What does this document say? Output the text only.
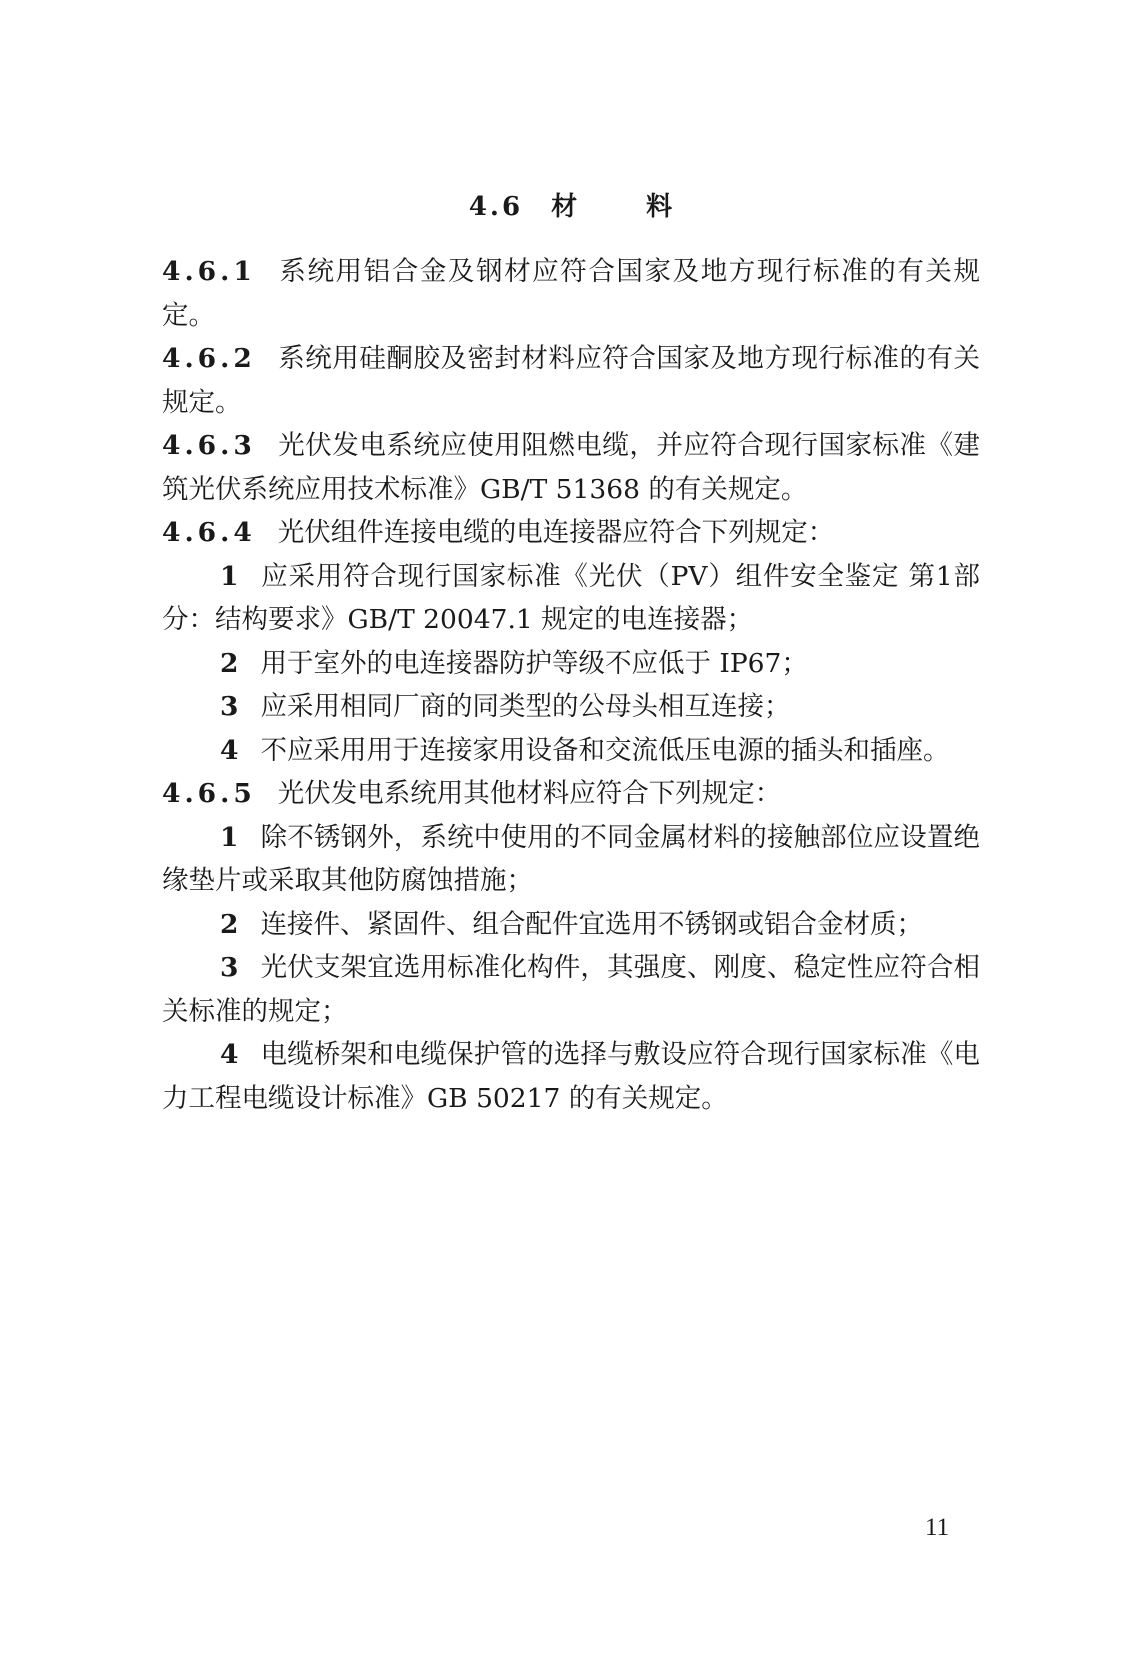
4.6 材 料

4.6.1 系统用铝合金及钢材应符合国家及地方现行标准的有关规定。

4.6.2 系统用硅酮胶及密封材料应符合国家及地方现行标准的有关规定。

4.6.3 光伏发电系统应使用阻燃电缆，并应符合现行国家标准《建筑光伏系统应用技术标准》GB/T 51368 的有关规定。

4.6.4 光伏组件连接电缆的电连接器应符合下列规定：

1 应采用符合现行国家标准《光伏（PV）组件安全鉴定 第1部分：结构要求》GB/T 20047.1 规定的电连接器；

2 用于室外的电连接器防护等级不应低于 IP67；

3 应采用相同厂商的同类型的公母头相互连接；

4 不应采用用于连接家用设备和交流低压电源的插头和插座。

4.6.5 光伏发电系统用其他材料应符合下列规定：

1 除不锈钢外，系统中使用的不同金属材料的接触部位应设置绝缘垫片或采取其他防腐蚀措施；

2 连接件、紧固件、组合配件宜选用不锈钢或铝合金材质；

3 光伏支架宜选用标准化构件，其强度、刚度、稳定性应符合相关标准的规定；

4 电缆桥架和电缆保护管的选择与敷设应符合现行国家标准《电力工程电缆设计标准》GB 50217 的有关规定。

11
